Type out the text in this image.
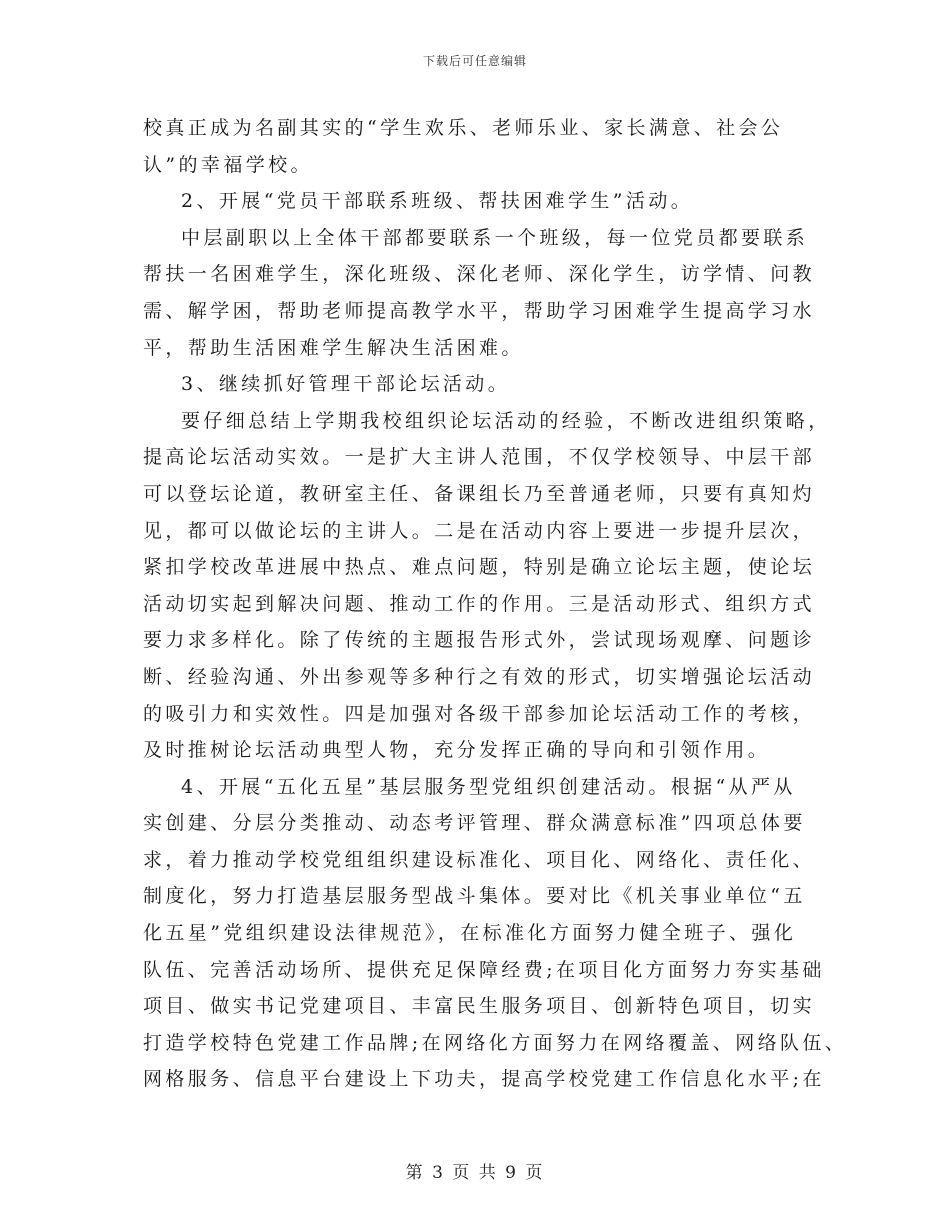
下载后可任意编辑
校真正成为名副其实的“学生欢乐、老师乐业、家长满意、社会公
认”的幸福学校。
2、开展“党员干部联系班级、帮扶困难学生”活动。
中层副职以上全体干部都要联系一个班级，每一位党员都要联系
帮扶一名困难学生，深化班级、深化老师、深化学生，访学情、问教
需、解学困，帮助老师提高教学水平，帮助学习困难学生提高学习水
平，帮助生活困难学生解决生活困难。
3、继续抓好管理干部论坛活动。
要仔细总结上学期我校组织论坛活动的经验，不断改进组织策略，
提高论坛活动实效。一是扩大主讲人范围，不仅学校领导、中层干部
可以登坛论道，教研室主任、备课组长乃至普通老师，只要有真知灼
见，都可以做论坛的主讲人。二是在活动内容上要进一步提升层次，
紧扣学校改革进展中热点、难点问题，特别是确立论坛主题，使论坛
活动切实起到解决问题、推动工作的作用。三是活动形式、组织方式
要力求多样化。除了传统的主题报告形式外，尝试现场观摩、问题诊
断、经验沟通、外出参观等多种行之有效的形式，切实增强论坛活动
的吸引力和实效性。四是加强对各级干部参加论坛活动工作的考核，
及时推树论坛活动典型人物，充分发挥正确的导向和引领作用。
4、开展“五化五星”基层服务型党组织创建活动。根据“从严从
实创建、分层分类推动、动态考评管理、群众满意标准”四项总体要
求，着力推动学校党组组织建设标准化、项目化、网络化、责任化、
制度化，努力打造基层服务型战斗集体。要对比《机关事业单位“五
化五星”党组织建设法律规范》，在标准化方面努力健全班子、强化
队伍、完善活动场所、提供充足保障经费;在项目化方面努力夯实基础
项目、做实书记党建项目、丰富民生服务项目、创新特色项目，切实
打造学校特色党建工作品牌;在网络化方面努力在网络覆盖、网络队伍、
网格服务、信息平台建设上下功夫，提高学校党建工作信息化水平;在
第 3 页 共 9 页
